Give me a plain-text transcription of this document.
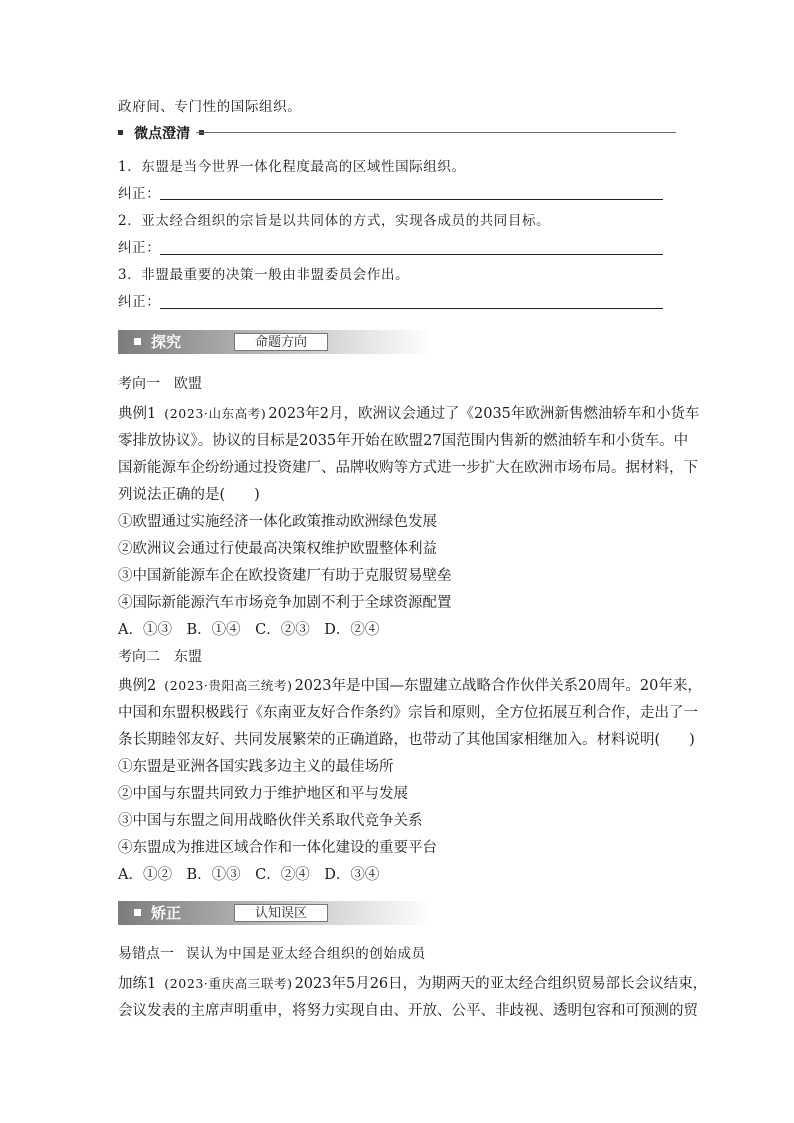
政府间、专门性的国际组织。
微点澄清
1．东盟是当今世界一体化程度最高的区域性国际组织。
纠正：
2．亚太经合组织的宗旨是以共同体的方式，实现各成员的共同目标。
纠正：
3．非盟最重要的决策一般由非盟委员会作出。
纠正：
探究	命题方向
考向一 欧盟
典例1 (2023·山东高考) 2023年2月，欧洲议会通过了《2035年欧洲新售燃油轿车和小货车
零排放协议》。协议的目标是2035年开始在欧盟27国范围内售新的燃油轿车和小货车。中
国新能源车企纷纷通过投资建厂、品牌收购等方式进一步扩大在欧洲市场布局。据材料，下
列说法正确的是(　　)
①欧盟通过实施经济一体化政策推动欧洲绿色发展
②欧洲议会通过行使最高决策权维护欧盟整体利益
③中国新能源车企在欧投资建厂有助于克服贸易壁垒
④国际新能源汽车市场竞争加剧不利于全球资源配置
A．①③　B．①④　C．②③　D．②④
考向二 东盟
典例2 (2023·贵阳高三统考) 2023年是中国—东盟建立战略合作伙伴关系20周年。20年来，
中国和东盟积极践行《东南亚友好合作条约》宗旨和原则，全方位拓展互利合作，走出了一
条长期睦邻友好、共同发展繁荣的正确道路，也带动了其他国家相继加入。材料说明(　　)
①东盟是亚洲各国实践多边主义的最佳场所
②中国与东盟共同致力于维护地区和平与发展
③中国与东盟之间用战略伙伴关系取代竞争关系
④东盟成为推进区域合作和一体化建设的重要平台
A．①②　B．①③　C．②④　D．③④
矫正	认知误区
易错点一 误认为中国是亚太经合组织的创始成员
加练1 (2023·重庆高三联考) 2023年5月26日，为期两天的亚太经合组织贸易部长会议结束，
会议发表的主席声明重申，将努力实现自由、开放、公平、非歧视、透明包容和可预测的贸
